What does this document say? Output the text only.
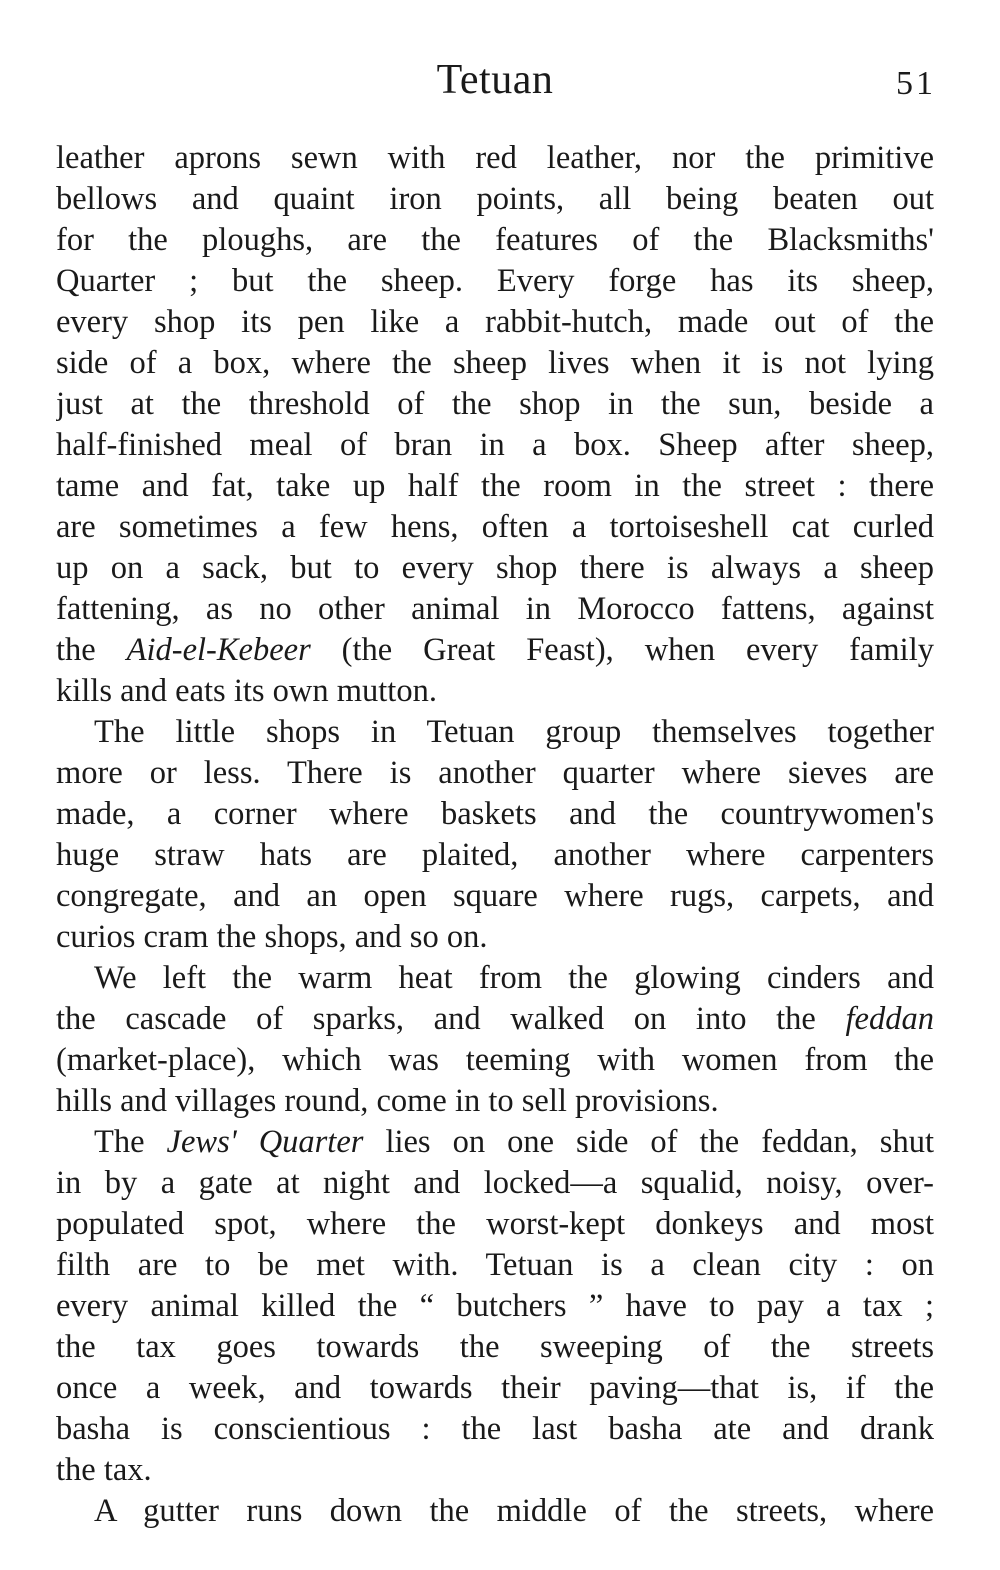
Tetuan	51
leather aprons sewn with red leather, nor the primitive
bellows and quaint iron points, all being beaten out
for the ploughs, are the features of the Blacksmiths'
Quarter ; but the sheep. Every forge has its sheep,
every shop its pen like a rabbit-hutch, made out of the
side of a box, where the sheep lives when it is not lying
just at the threshold of the shop in the sun, beside a
half-finished meal of bran in a box. Sheep after sheep,
tame and fat, take up half the room in the street : there
are sometimes a few hens, often a tortoiseshell cat curled
up on a sack, but to every shop there is always a sheep
fattening, as no other animal in Morocco fattens, against
the Aid-el-Kebeer (the Great Feast), when every family
kills and eats its own mutton.
The little shops in Tetuan group themselves together
more or less. There is another quarter where sieves are
made, a corner where baskets and the countrywomen's
huge straw hats are plaited, another where carpenters
congregate, and an open square where rugs, carpets, and
curios cram the shops, and so on.
We left the warm heat from the glowing cinders and
the cascade of sparks, and walked on into the feddan
(market-place), which was teeming with women from the
hills and villages round, come in to sell provisions.
The Jews' Quarter lies on one side of the feddan, shut
in by a gate at night and locked—a squalid, noisy, over-
populated spot, where the worst-kept donkeys and most
filth are to be met with. Tetuan is a clean city : on
every animal killed the “ butchers ” have to pay a tax ;
the tax goes towards the sweeping of the streets
once a week, and towards their paving—that is, if the
basha is conscientious : the last basha ate and drank
the tax.
A gutter runs down the middle of the streets, where
